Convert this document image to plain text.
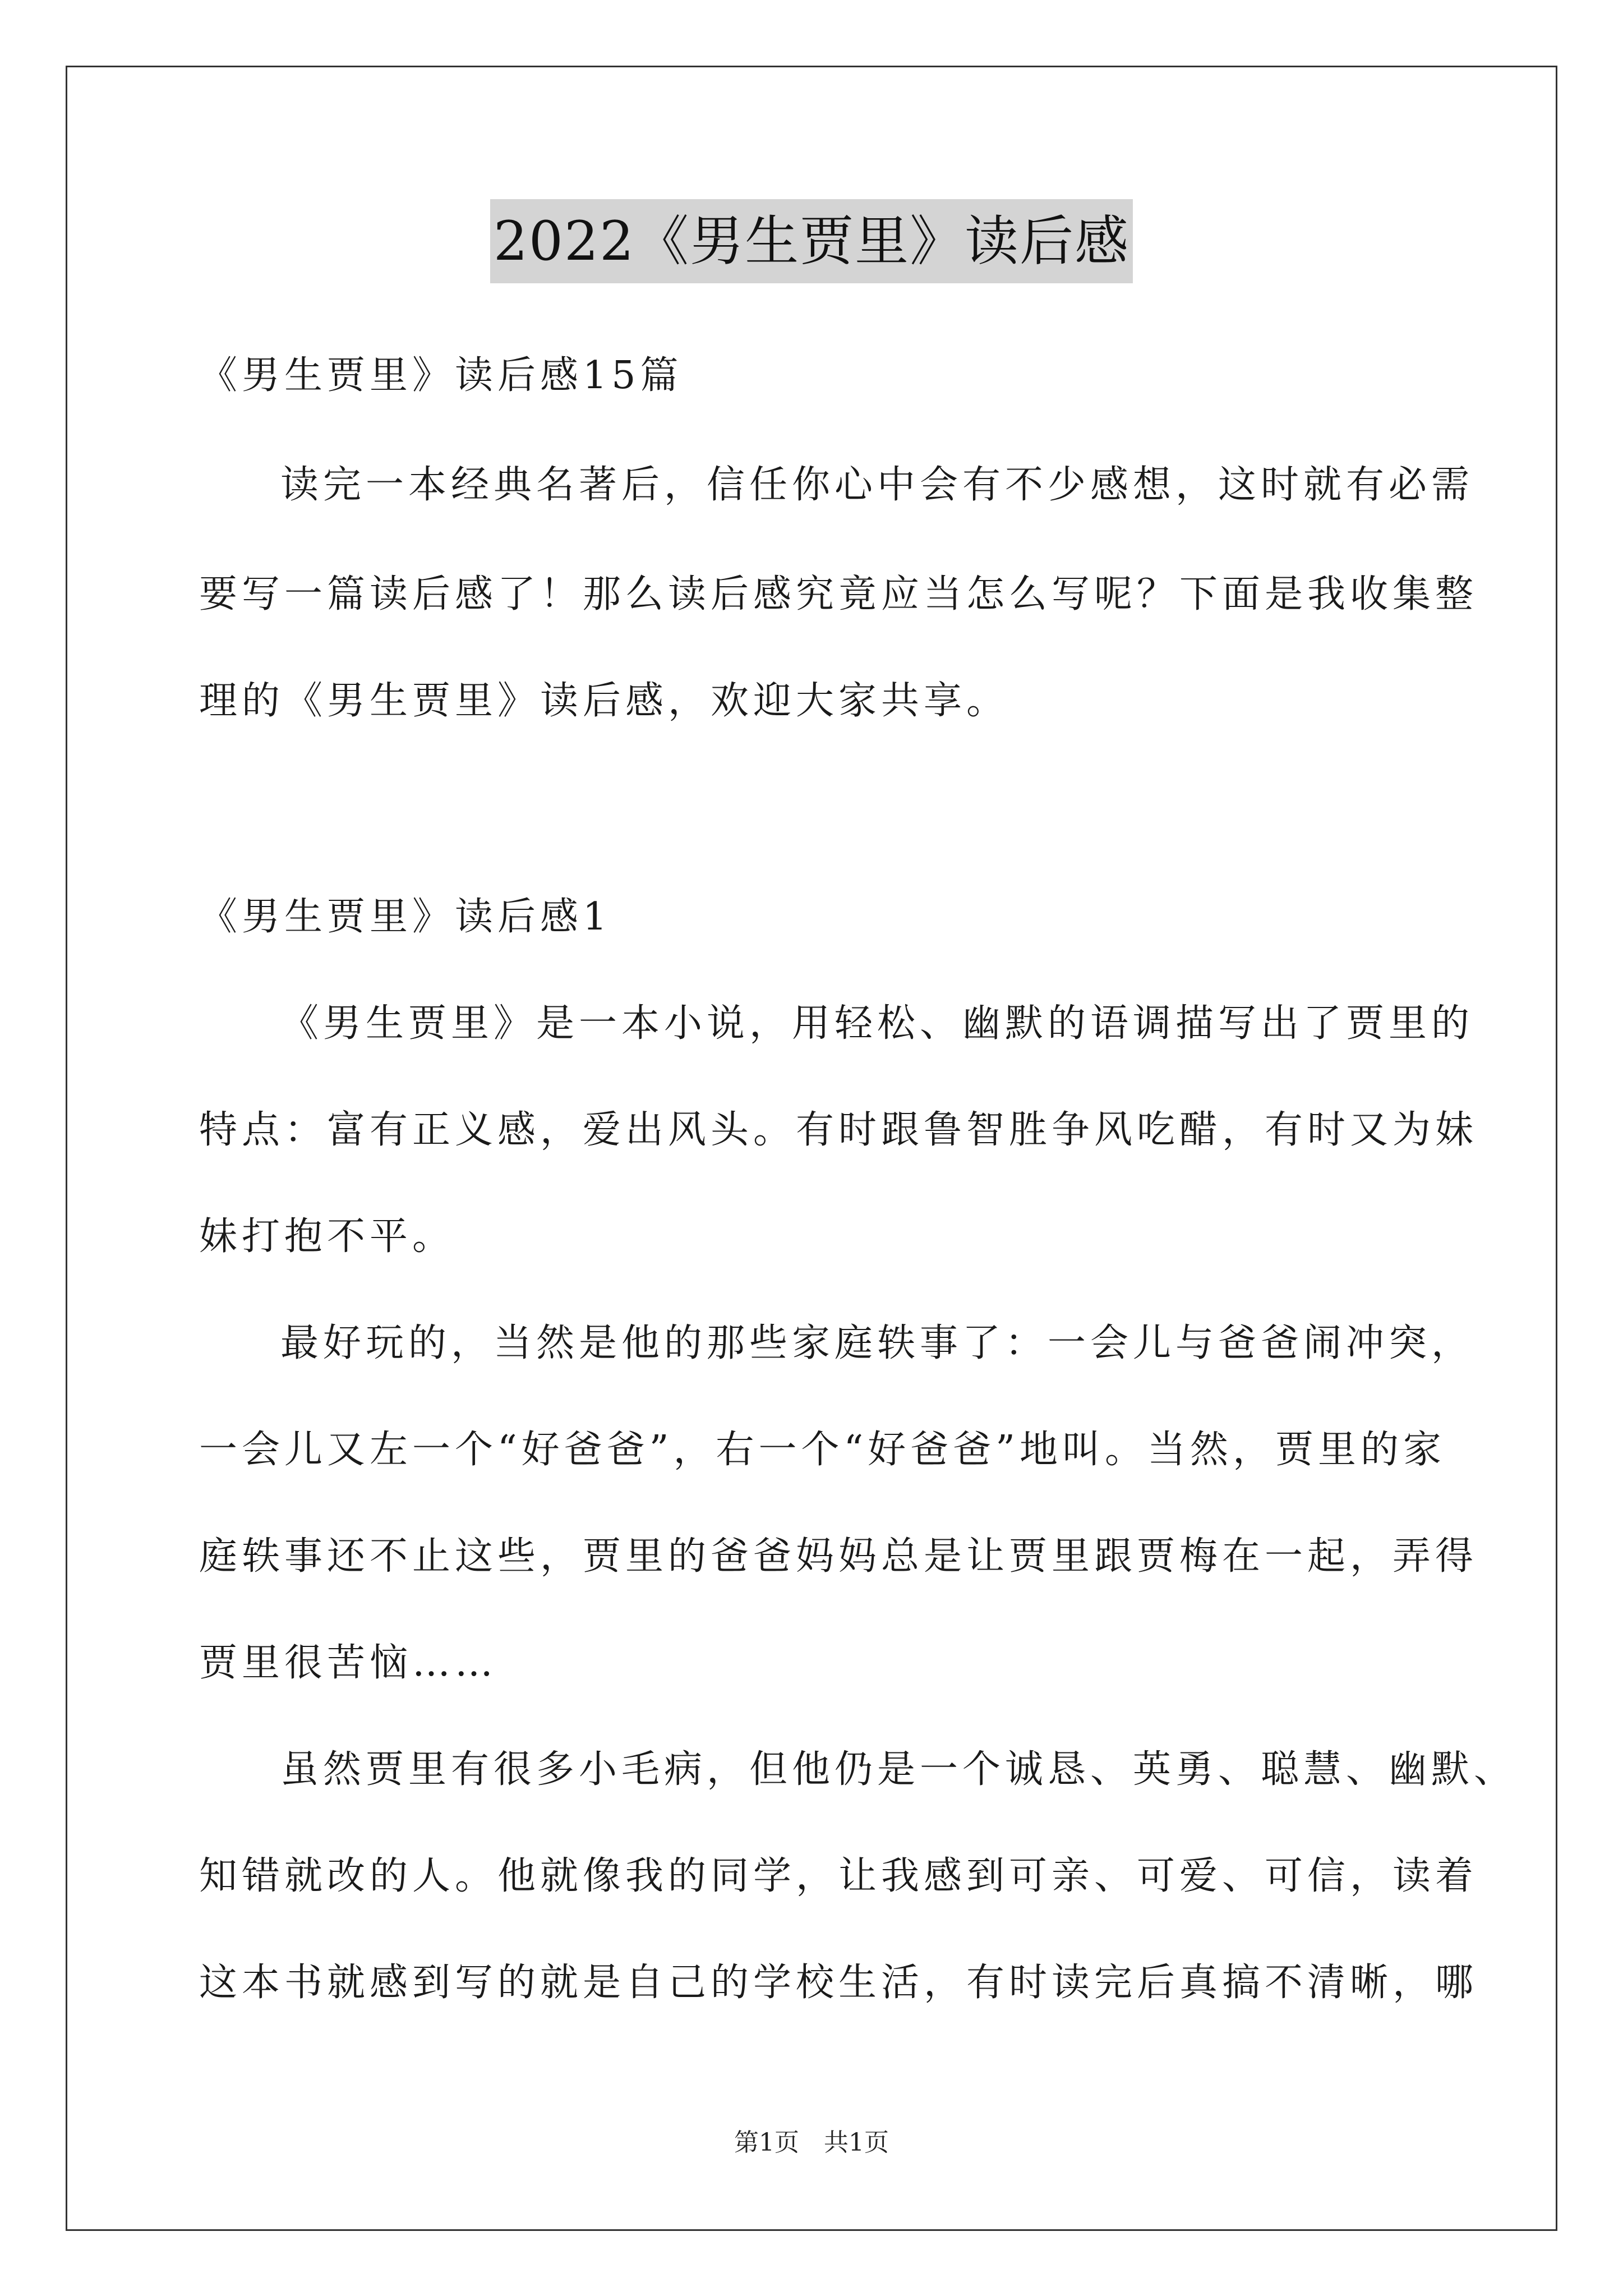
2022《男生贾里》读后感
《男生贾里》读后感15篇
读完一本经典名著后，信任你心中会有不少感想，这时就有必需
要写一篇读后感了！那么读后感究竟应当怎么写呢？下面是我收集整
理的《男生贾里》读后感，欢迎大家共享。
《男生贾里》读后感1
《男生贾里》是一本小说，用轻松、幽默的语调描写出了贾里的
特点：富有正义感，爱出风头。有时跟鲁智胜争风吃醋，有时又为妹
妹打抱不平。
最好玩的，当然是他的那些家庭轶事了：一会儿与爸爸闹冲突，
一会儿又左一个“好爸爸”，右一个“好爸爸”地叫。当然，贾里的家
庭轶事还不止这些，贾里的爸爸妈妈总是让贾里跟贾梅在一起，弄得
贾里很苦恼……
虽然贾里有很多小毛病，但他仍是一个诚恳、英勇、聪慧、幽默、
知错就改的人。他就像我的同学，让我感到可亲、可爱、可信，读着
这本书就感到写的就是自己的学校生活，有时读完后真搞不清晰，哪
第1页　共1页
